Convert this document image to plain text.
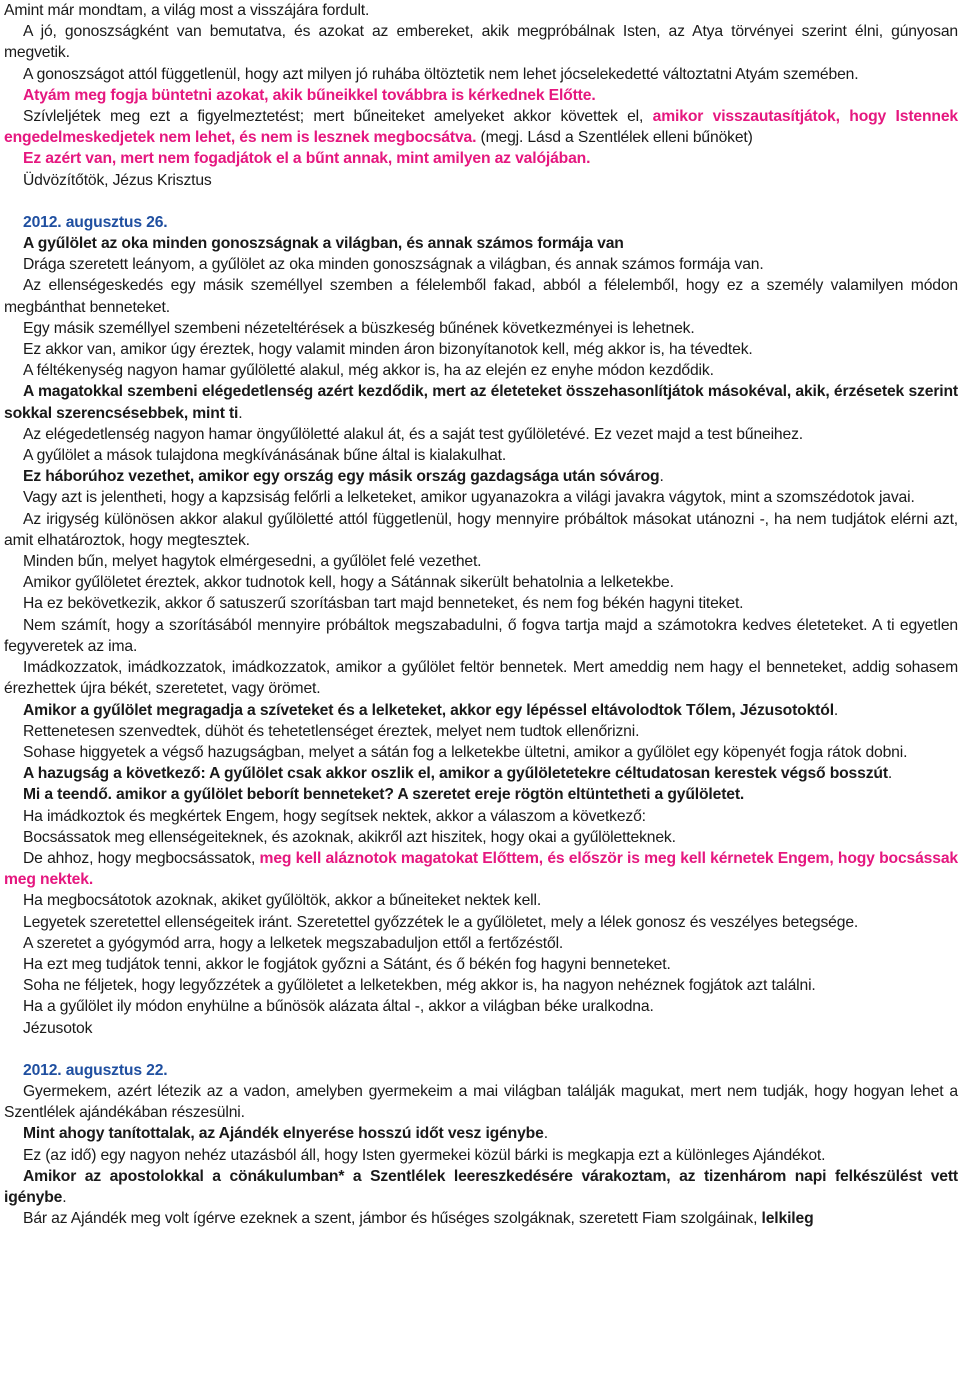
Amint már mondtam, a világ most a visszájára fordult.

A jó, gonoszságként van bemutatva, és azokat az embereket, akik megpróbálnak Isten, az Atya törvényei szerint élni, gúnyosan megvetik.

A gonoszságot attól függetlenül, hogy azt milyen jó ruhába öltöztetik nem lehet jócselekedetté változtatni Atyám szemében.

Atyám meg fogja büntetni azokat, akik bűneikkel továbbra is kérkednek Előtte.

Szívleljétek meg ezt a figyelmeztetést; mert bűneiteket amelyeket akkor követtek el, amikor visszautasítjátok, hogy Istennek engedelmeskedjetek nem lehet, és nem is lesznek megbocsátva. (megj. Lásd a Szentlélek elleni bűnöket)

Ez azért van, mert nem fogadjátok el a bűnt annak, mint amilyen az valójában.

Üdvözítőtök, Jézus Krisztus

2012. augusztus 26.

A gyűlölet az oka minden gonoszságnak a világban, és annak számos formája van

Drága szeretett leányom, a gyűlölet az oka minden gonoszságnak a világban, és annak számos formája van.

Az ellenségeskedés egy másik személlyel szemben a félelemből fakad, abból a félelemből, hogy ez a személy valamilyen módon megbánthat benneteket.

Egy másik személlyel szembeni nézeteltérések a büszkeség bűnének következményei is lehetnek.

Ez akkor van, amikor úgy éreztek, hogy valamit minden áron bizonyítanotok kell, még akkor is, ha tévedtek.

A féltékenység nagyon hamar gyűlöletté alakul, még akkor is, ha az elején ez enyhe módon kezdődik.

A magatokkal szembeni elégedetlenség azért kezdődik, mert az életeteket összehasonlítjátok másokéval, akik, érzésetek szerint sokkal szerencsésebbek, mint ti.

Az elégedetlenség nagyon hamar öngyűlöletté alakul át, és a saját test gyűlöletévé. Ez vezet majd a test bűneihez.

A gyűlölet a mások tulajdona megkívánásának bűne által is kialakulhat.

Ez háborúhoz vezethet, amikor egy ország egy másik ország gazdagsága után sóvárog.

Vagy azt is jelentheti, hogy a kapzsiság felőrli a lelketeket, amikor ugyanazokra a világi javakra vágytok, mint a szomszédotok javai.

Az irigység különösen akkor alakul gyűlöletté attól függetlenül, hogy mennyire próbáltok másokat utánozni -, ha nem tudjátok elérni azt, amit elhatároztok, hogy megtesztek.

Minden bűn, melyet hagytok elmérgesedni, a gyűlölet felé vezethet.

Amikor gyűlöletet éreztek, akkor tudnotok kell, hogy a Sátánnak sikerült behatolnia a lelketekbe.

Ha ez bekövetkezik, akkor ő satuszerű szorításban tart majd benneteket, és nem fog békén hagyni titeket.

Nem számít, hogy a szorításából mennyire próbáltok megszabadulni, ő fogva tartja majd a számotokra kedves életeteket. A ti egyetlen fegyveretek az ima.

Imádkozzatok, imádkozzatok, imádkozzatok, amikor a gyűlölet feltör bennetek. Mert ameddig nem hagy el benneteket, addig sohasem érezhettek újra békét, szeretetet, vagy örömet.

Amikor a gyűlölet megragadja a szíveteket és a lelketeket, akkor egy lépéssel eltávolodtok Tőlem, Jézusotoktól.

Rettenetesen szenvedtek, dühöt és tehetetlenséget éreztek, melyet nem tudtok ellenőrizni.

Sohase higgyetek a végső hazugságban, melyet a sátán fog a lelketekbe ültetni, amikor a gyűlölet egy köpenyét fogja rátok dobni.

A hazugság a következő: A gyűlölet csak akkor oszlik el, amikor a gyűlöletetekre céltudatosan kerestek végső bosszút.

Mi a teendő. amikor a gyűlölet beborít benneteket? A szeretet ereje rögtön eltüntetheti a gyűlöletet.

Ha imádkoztok és megkértek Engem, hogy segítsek nektek, akkor a válaszom a következő:

Bocsássatok meg ellenségeiteknek, és azoknak, akikről azt hiszitek, hogy okai a gyűlöletteknek.

De ahhoz, hogy megbocsássatok, meg kell aláznotok magatokat Előttem, és először is meg kell kérnetek Engem, hogy bocsássak meg nektek.

Ha megbocsátotok azoknak, akiket gyűlöltök, akkor a bűneiteket nektek kell.

Legyetek szeretettel ellenségeitek iránt. Szeretettel győzzétek le a gyűlöletet, mely a lélek gonosz és veszélyes betegsége.

A szeretet a gyógymód arra, hogy a lelketek megszabaduljon ettől a fertőzéstől.

Ha ezt meg tudjátok tenni, akkor le fogjátok győzni a Sátánt, és ő békén fog hagyni benneteket.

Soha ne féljetek, hogy legyőzzétek a gyűlöletet a lelketekben, még akkor is, ha nagyon nehéznek fogjátok azt találni.

Ha a gyűlölet ily módon enyhülne a bűnösök alázata által -, akkor a világban béke uralkodna.

Jézusotok

2012. augusztus 22.

Gyermekem, azért létezik az a vadon, amelyben gyermekeim a mai világban találják magukat, mert nem tudják, hogy hogyan lehet a Szentlélek ajándékában részesülni.

Mint ahogy tanítottalak, az Ajándék elnyerése hosszú időt vesz igénybe.

Ez (az idő) egy nagyon nehéz utazásból áll, hogy Isten gyermekei közül bárki is megkapja ezt a különleges Ajándékot.

Amikor az apostolokkal a cönákulumban* a Szentlélek leereszkedésére várakoztam, az tizenhárom napi felkészülést vett igénybe.

Bár az Ajándék meg volt ígérve ezeknek a szent, jámbor és hűséges szolgáknak, szeretett Fiam szolgáinak, lelkileg
